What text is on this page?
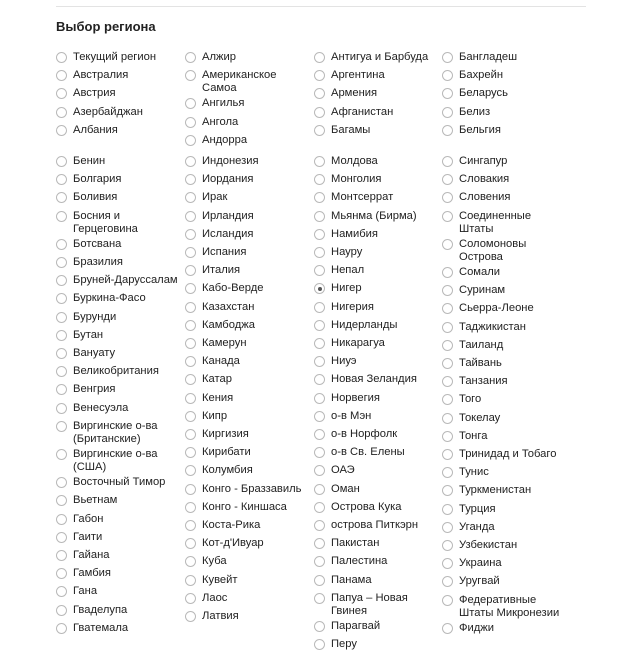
Выбор региона
Текущий регион
Австралия
Австрия
Азербайджан
Албания
Алжир
Американское
Самоа
Ангилья
Ангола
Андорра
Антигуа и Барбуда
Аргентина
Армения
Афганистан
Багамы
Бангладеш
Бахрейн
Беларусь
Белиз
Бельгия
Бенин
Болгария
Боливия
Босния и
Герцеговина
Ботсвана
Бразилия
Бруней-Даруссалам
Буркина-Фасо
Бурунди
Бутан
Вануату
Великобритания
Венгрия
Венесуэла
Виргинские о-ва
(Британские)
Виргинские о-ва
(США)
Восточный Тимор
Вьетнам
Габон
Гаити
Гайана
Гамбия
Гана
Гваделупа
Гватемала
Индонезия
Иордания
Ирак
Ирландия
Исландия
Испания
Италия
Кабо-Верде
Казахстан
Камбоджа
Камерун
Канада
Катар
Кения
Кипр
Киргизия
Кирибати
Колумбия
Конго - Браззавиль
Конго - Киншаса
Коста-Рика
Кот-д'Ивуар
Куба
Кувейт
Лаос
Латвия
Молдова
Монголия
Монтсеррат
Мьянма (Бирма)
Намибия
Науру
Непал
Нигер
Нигерия
Нидерланды
Никарагуа
Ниуэ
Новая Зеландия
Норвегия
о-в Мэн
о-в Норфолк
о-в Св. Елены
ОАЭ
Оман
Острова Кука
острова Питкэрн
Пакистан
Палестина
Панама
Папуа – Новая
Гвинея
Парагвай
Перу
Сингапур
Словакия
Словения
Соединенные
Штаты
Соломоновы
Острова
Сомали
Суринам
Сьерра-Леоне
Таджикистан
Таиланд
Тайвань
Танзания
Того
Токелау
Тонга
Тринидад и Тобаго
Тунис
Туркменистан
Турция
Уганда
Узбекистан
Украина
Уругвай
Федеративные
Штаты Микронезии
Фиджи
